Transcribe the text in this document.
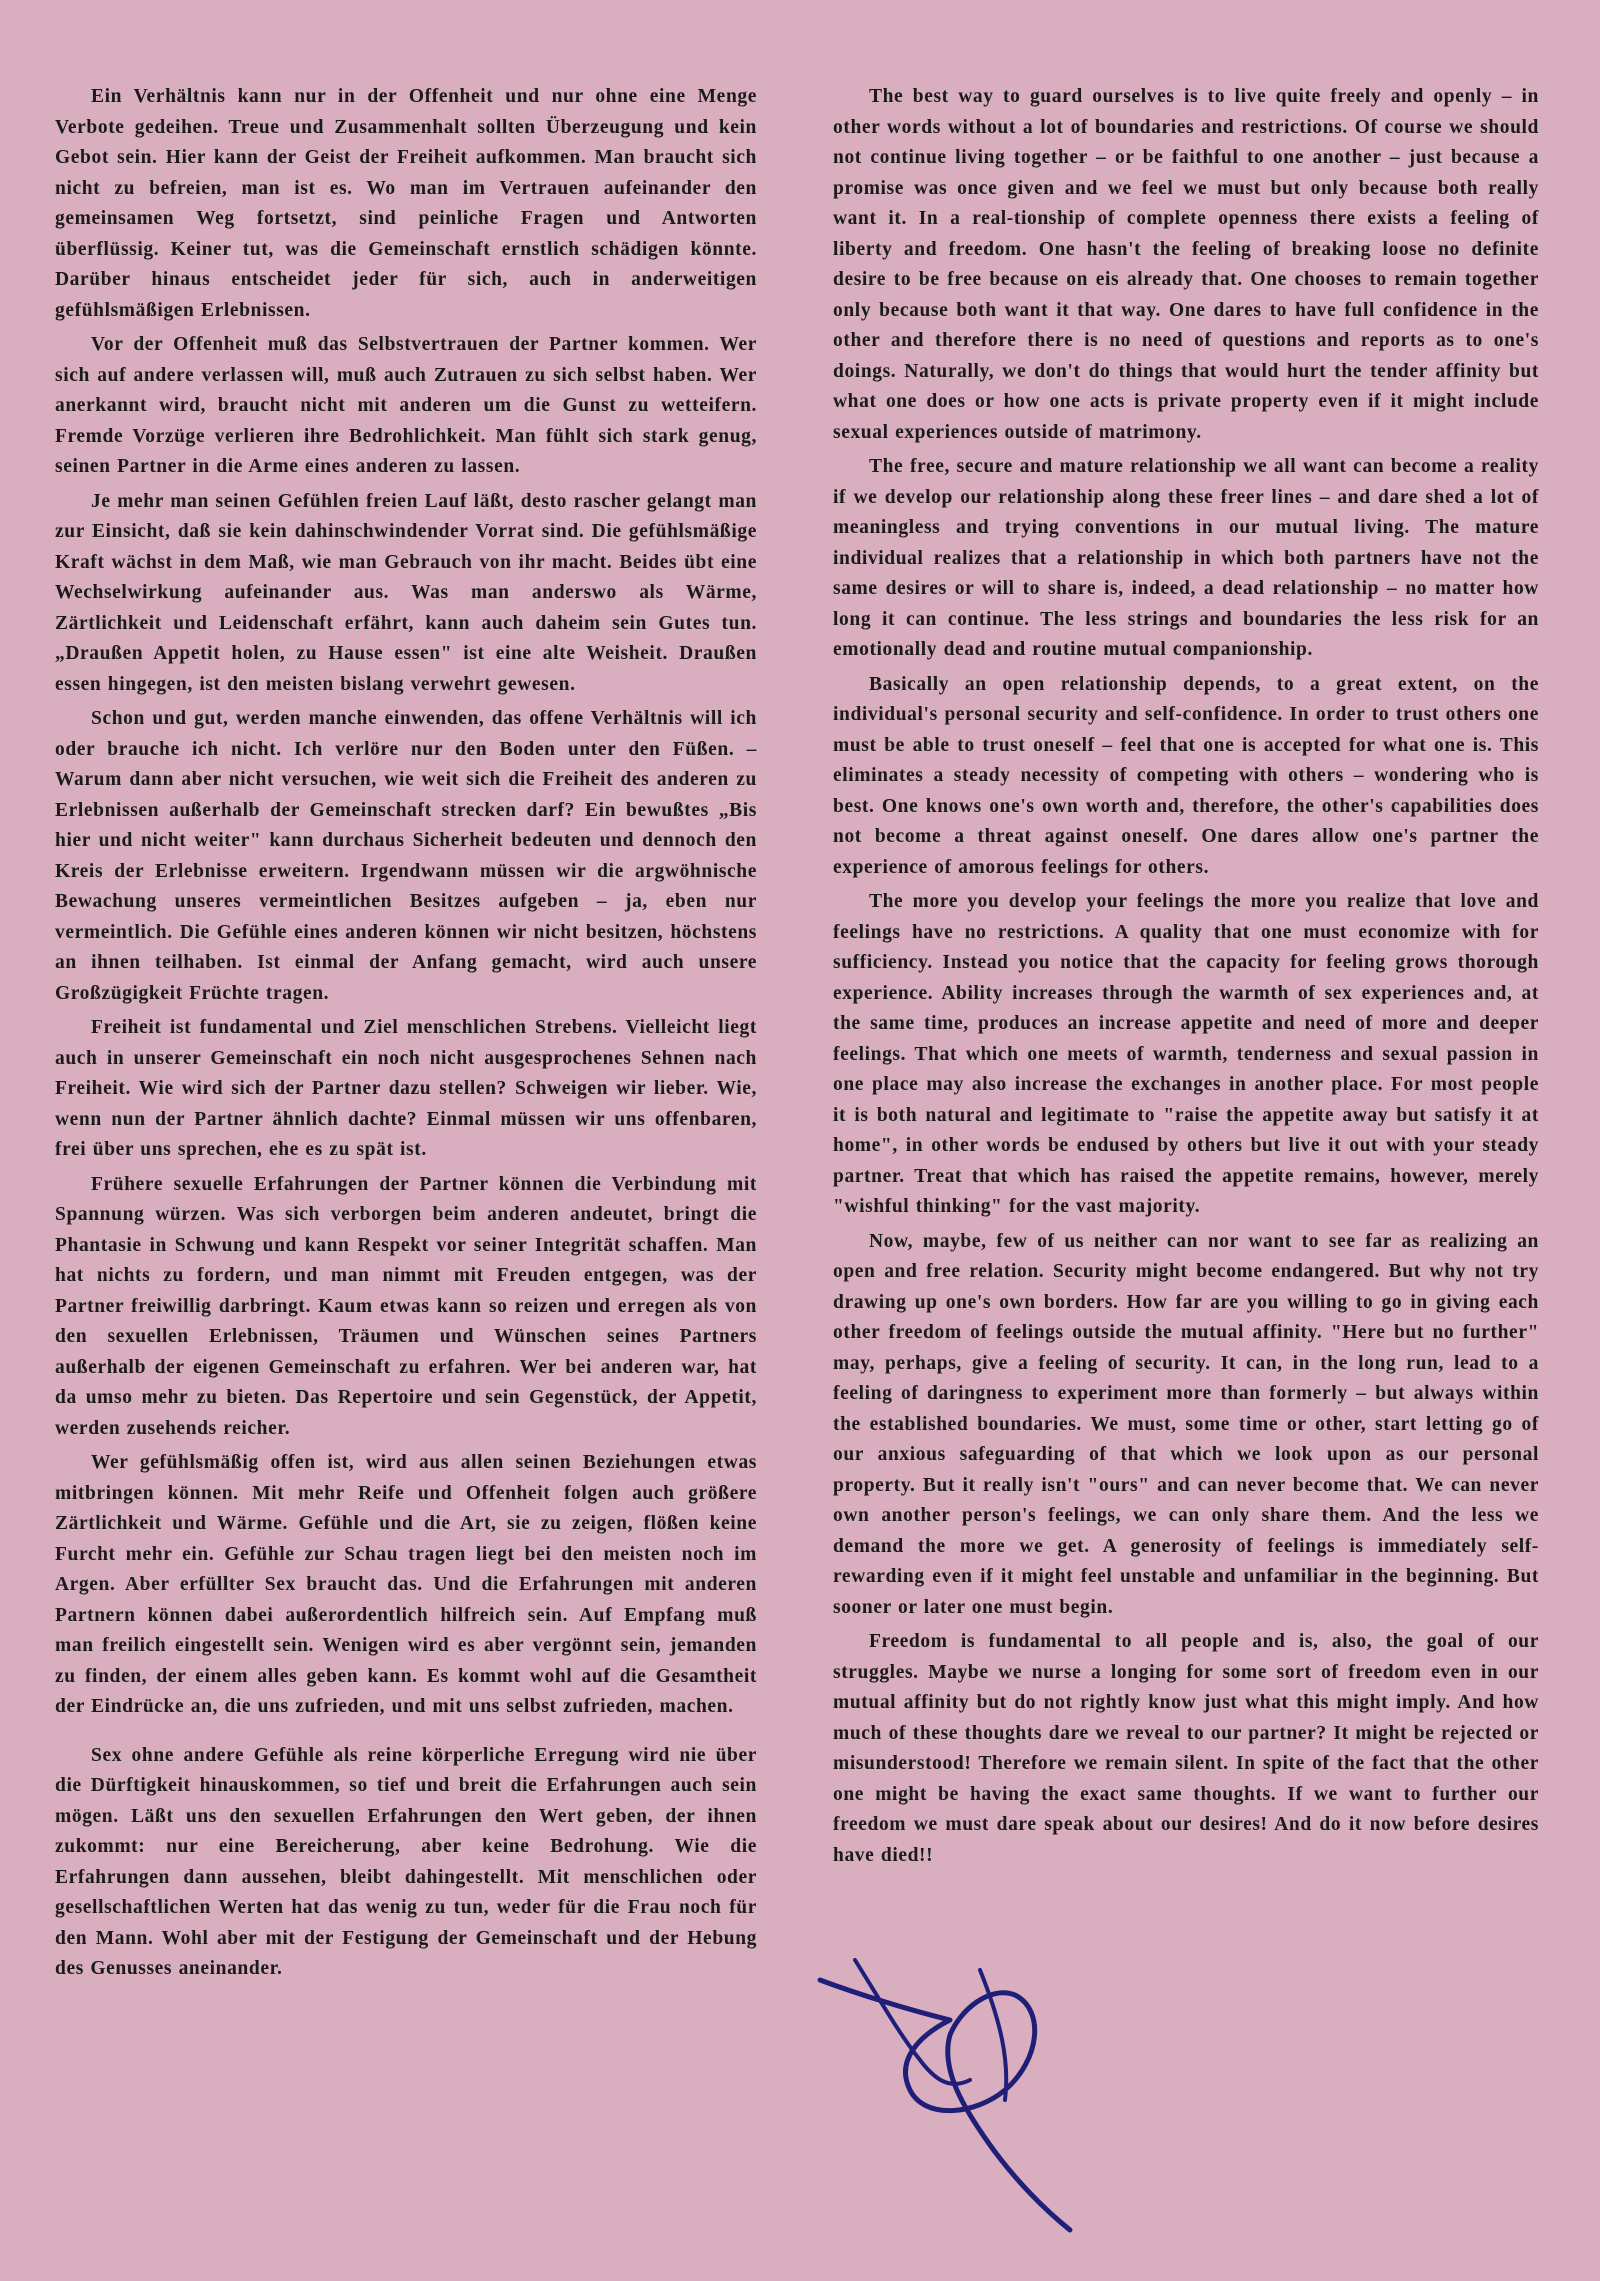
Ein Verhältnis kann nur in der Offenheit und nur ohne eine Menge Verbote gedeihen. Treue und Zusammenhalt sollten Überzeugung und kein Gebot sein. Hier kann der Geist der Freiheit aufkommen. Man braucht sich nicht zu befreien, man ist es. Wo man im Vertrauen aufeinander den gemeinsamen Weg fortsetzt, sind peinliche Fragen und Antworten überflüssig. Keiner tut, was die Gemeinschaft ernstlich schädigen könnte. Darüber hinaus entscheidet jeder für sich, auch in anderweitigen gefühlsmäßigen Erlebnissen.

Vor der Offenheit muß das Selbstvertrauen der Partner kommen. Wer sich auf andere verlassen will, muß auch Zutrauen zu sich selbst haben. Wer anerkannt wird, braucht nicht mit anderen um die Gunst zu wetteifern. Fremde Vorzüge verlieren ihre Bedrohlichkeit. Man fühlt sich stark genug, seinen Partner in die Arme eines anderen zu lassen.

Je mehr man seinen Gefühlen freien Lauf läßt, desto rascher gelangt man zur Einsicht, daß sie kein dahinschwindender Vorrat sind. Die gefühlsmäßige Kraft wächst in dem Maß, wie man Gebrauch von ihr macht. Beides übt eine Wechselwirkung aufeinander aus. Was man anderswo als Wärme, Zärtlichkeit und Leidenschaft erfährt, kann auch daheim sein Gutes tun. „Draußen Appetit holen, zu Hause essen" ist eine alte Weisheit. Draußen essen hingegen, ist den meisten bislang verwehrt gewesen.

Schon und gut, werden manche einwenden, das offene Verhältnis will ich oder brauche ich nicht. Ich verlöre nur den Boden unter den Füßen. – Warum dann aber nicht versuchen, wie weit sich die Freiheit des anderen zu Erlebnissen außerhalb der Gemeinschaft strecken darf? Ein bewußtes „Bis hier und nicht weiter" kann durchaus Sicherheit bedeuten und dennoch den Kreis der Erlebnisse erweitern. Irgendwann müssen wir die argwöhnische Bewachung unseres vermeintlichen Besitzes aufgeben – ja, eben nur vermeintlich. Die Gefühle eines anderen können wir nicht besitzen, höchstens an ihnen teilhaben. Ist einmal der Anfang gemacht, wird auch unsere Großzügigkeit Früchte tragen.

Freiheit ist fundamental und Ziel menschlichen Strebens. Vielleicht liegt auch in unserer Gemeinschaft ein noch nicht ausgesprochenes Sehnen nach Freiheit. Wie wird sich der Partner dazu stellen? Schweigen wir lieber. Wie, wenn nun der Partner ähnlich dachte? Einmal müssen wir uns offenbaren, frei über uns sprechen, ehe es zu spät ist.

Frühere sexuelle Erfahrungen der Partner können die Verbindung mit Spannung würzen. Was sich verborgen beim anderen andeutet, bringt die Phantasie in Schwung und kann Respekt vor seiner Integrität schaffen. Man hat nichts zu fordern, und man nimmt mit Freuden entgegen, was der Partner freiwillig darbringt. Kaum etwas kann so reizen und erregen als von den sexuellen Erlebnissen, Träumen und Wünschen seines Partners außerhalb der eigenen Gemeinschaft zu erfahren. Wer bei anderen war, hat da umso mehr zu bieten. Das Repertoire und sein Gegenstück, der Appetit, werden zusehends reicher.

Wer gefühlsmäßig offen ist, wird aus allen seinen Beziehungen etwas mitbringen können. Mit mehr Reife und Offenheit folgen auch größere Zärtlichkeit und Wärme. Gefühle und die Art, sie zu zeigen, flößen keine Furcht mehr ein. Gefühle zur Schau tragen liegt bei den meisten noch im Argen. Aber erfüllter Sex braucht das. Und die Erfahrungen mit anderen Partnern können dabei außerordentlich hilfreich sein. Auf Empfang muß man freilich eingestellt sein. Wenigen wird es aber vergönnt sein, jemanden zu finden, der einem alles geben kann. Es kommt wohl auf die Gesamtheit der Eindrücke an, die uns zufrieden, und mit uns selbst zufrieden, machen.

Sex ohne andere Gefühle als reine körperliche Erregung wird nie über die Dürftigkeit hinauskommen, so tief und breit die Erfahrungen auch sein mögen. Läßt uns den sexuellen Erfahrungen den Wert geben, der ihnen zukommt: nur eine Bereicherung, aber keine Bedrohung. Wie die Erfahrungen dann aussehen, bleibt dahingestellt. Mit menschlichen oder gesellschaftlichen Werten hat das wenig zu tun, weder für die Frau noch für den Mann. Wohl aber mit der Festigung der Gemeinschaft und der Hebung des Genusses aneinander.

The best way to guard ourselves is to live quite freely and openly – in other words without a lot of boundaries and restrictions. Of course we should not continue living together – or be faithful to one another – just because a promise was once given and we feel we must but only because both really want it. In a real-tionship of complete openness there exists a feeling of liberty and freedom. One hasn't the feeling of breaking loose no definite desire to be free because on eis already that. One chooses to remain together only because both want it that way. One dares to have full confidence in the other and therefore there is no need of questions and reports as to one's doings. Naturally, we don't do things that would hurt the tender affinity but what one does or how one acts is private property even if it might include sexual experiences outside of matrimony.

The free, secure and mature relationship we all want can become a reality if we develop our relationship along these freer lines – and dare shed a lot of meaningless and trying conventions in our mutual living. The mature individual realizes that a relationship in which both partners have not the same desires or will to share is, indeed, a dead relationship – no matter how long it can continue. The less strings and boundaries the less risk for an emotionally dead and routine mutual companionship.

Basically an open relationship depends, to a great extent, on the individual's personal security and self-confidence. In order to trust others one must be able to trust oneself – feel that one is accepted for what one is. This eliminates a steady necessity of competing with others – wondering who is best. One knows one's own worth and, therefore, the other's capabilities does not become a threat against oneself. One dares allow one's partner the experience of amorous feelings for others.

The more you develop your feelings the more you realize that love and feelings have no restrictions. A quality that one must economize with for sufficiency. Instead you notice that the capacity for feeling grows thorough experience. Ability increases through the warmth of sex experiences and, at the same time, produces an increase appetite and need of more and deeper feelings. That which one meets of warmth, tenderness and sexual passion in one place may also increase the exchanges in another place. For most people it is both natural and legitimate to "raise the appetite away but satisfy it at home", in other words be endused by others but live it out with your steady partner. Treat that which has raised the appetite remains, however, merely "wishful thinking" for the vast majority.

Now, maybe, few of us neither can nor want to see far as realizing an open and free relation. Security might become endangered. But why not try drawing up one's own borders. How far are you willing to go in giving each other freedom of feelings outside the mutual affinity. "Here but no further" may, perhaps, give a feeling of security. It can, in the long run, lead to a feeling of daringness to experiment more than formerly – but always within the established boundaries. We must, some time or other, start letting go of our anxious safeguarding of that which we look upon as our personal property. But it really isn't "ours" and can never become that. We can never own another person's feelings, we can only share them. And the less we demand the more we get. A generosity of feelings is immediately self-rewarding even if it might feel unstable and unfamiliar in the beginning. But sooner or later one must begin.

Freedom is fundamental to all people and is, also, the goal of our struggles. Maybe we nurse a longing for some sort of freedom even in our mutual affinity but do not rightly know just what this might imply. And how much of these thoughts dare we reveal to our partner? It might be rejected or misunderstood! Therefore we remain silent. In spite of the fact that the other one might be having the exact same thoughts. If we want to further our freedom we must dare speak about our desires! And do it now before desires have died!!
